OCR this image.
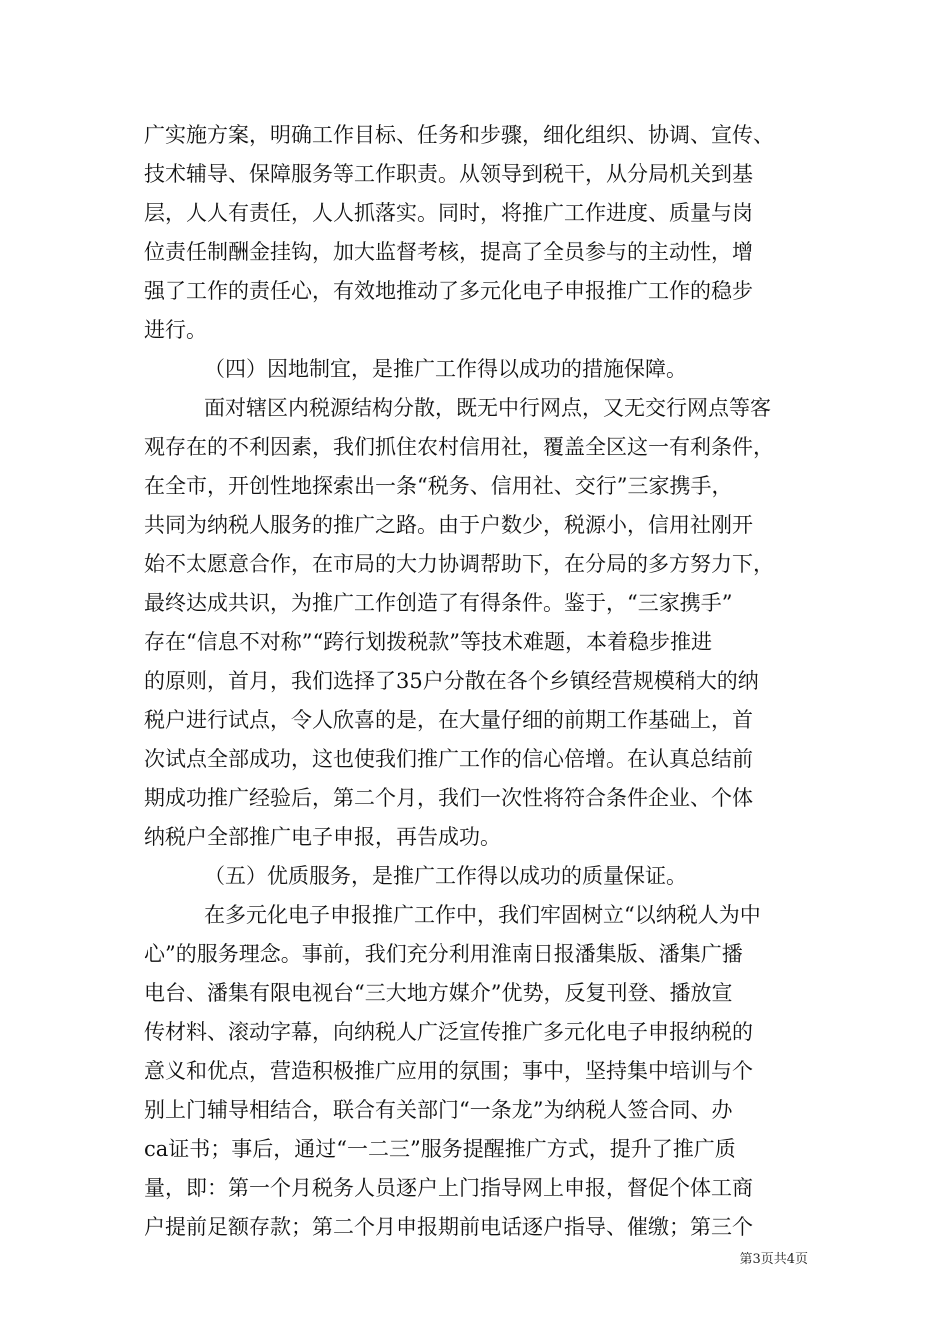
广实施方案，明确工作目标、任务和步骤，细化组织、协调、宣传、
技术辅导、保障服务等工作职责。从领导到税干，从分局机关到基
层，人人有责任，人人抓落实。同时，将推广工作进度、质量与岗
位责任制酬金挂钩，加大监督考核，提高了全员参与的主动性，增
强了工作的责任心，有效地推动了多元化电子申报推广工作的稳步
进行。
（四）因地制宜，是推广工作得以成功的措施保障。
面对辖区内税源结构分散，既无中行网点，又无交行网点等客
观存在的不利因素，我们抓住农村信用社，覆盖全区这一有利条件，
在全市，开创性地探索出一条“税务、信用社、交行”三家携手，
共同为纳税人服务的推广之路。由于户数少，税源小，信用社刚开
始不太愿意合作，在市局的大力协调帮助下，在分局的多方努力下，
最终达成共识，为推广工作创造了有得条件。鉴于，“三家携手”
存在“信息不对称”“跨行划拨税款”等技术难题，本着稳步推进
的原则，首月，我们选择了35户分散在各个乡镇经营规模稍大的纳
税户进行试点，令人欣喜的是，在大量仔细的前期工作基础上，首
次试点全部成功，这也使我们推广工作的信心倍增。在认真总结前
期成功推广经验后，第二个月，我们一次性将符合条件企业、个体
纳税户全部推广电子申报，再告成功。
（五）优质服务，是推广工作得以成功的质量保证。
在多元化电子申报推广工作中，我们牢固树立“以纳税人为中
心”的服务理念。事前，我们充分利用淮南日报潘集版、潘集广播
电台、潘集有限电视台“三大地方媒介”优势，反复刊登、播放宣
传材料、滚动字幕，向纳税人广泛宣传推广多元化电子申报纳税的
意义和优点，营造积极推广应用的氛围；事中，坚持集中培训与个
别上门辅导相结合，联合有关部门“一条龙”为纳税人签合同、办
ca证书；事后，通过“一二三”服务提醒推广方式，提升了推广质
量，即：第一个月税务人员逐户上门指导网上申报，督促个体工商
户提前足额存款；第二个月申报期前电话逐户指导、催缴；第三个
第3页共4页
